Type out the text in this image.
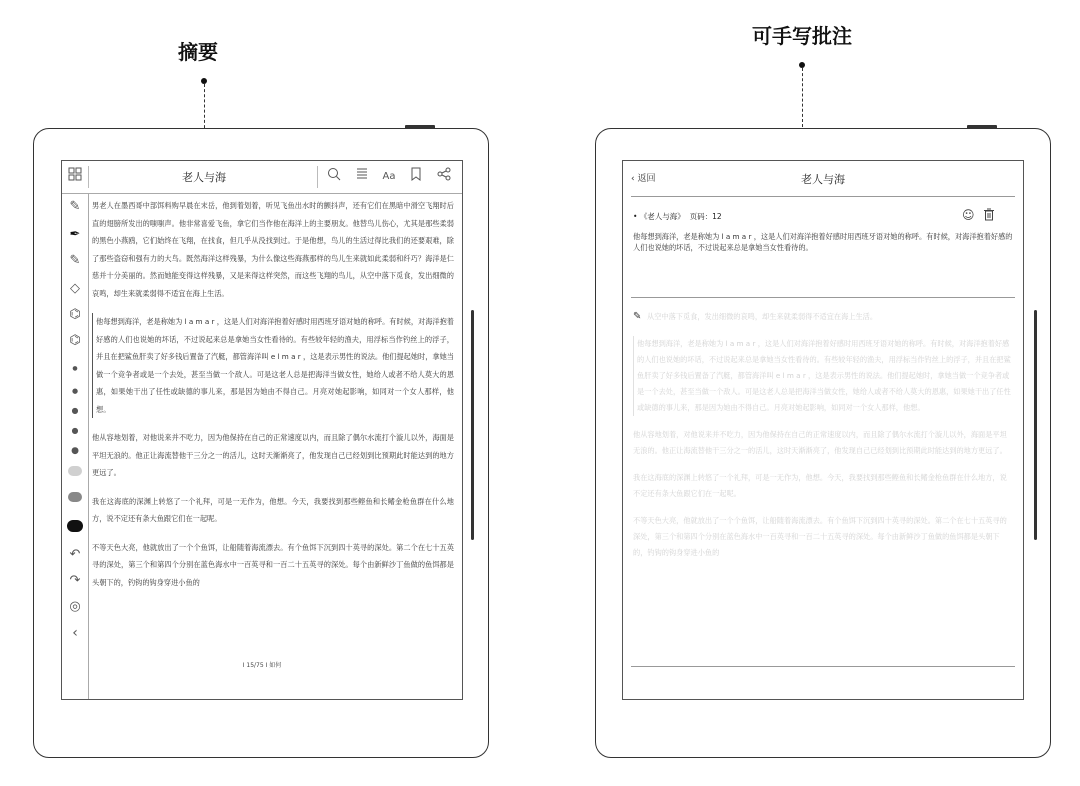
摘要
可手写批注
老人与海	Aa
✎
✒
✎
◇
⌬
⌬
●
●
●
●
●
↶
↷
◎
‹

男老人在墨西哥中部饵料购早晨在末岳，他到着划着，听见飞鱼出水时的颤抖声，还有它们在黑暗中滑空飞翔时后直的翅膀所发出的嗤嗤声。他非常喜爱飞鱼，拿它们当作他在海洋上的主要朋友。他替鸟儿伤心，尤其是那些柔弱的黑色小燕鸥，它们始终在飞翔，在找食，但几乎从没找到过。于是他想，鸟儿的生活过得比我们的还要艰难，除了那些盗窃和强有力的大鸟。既然海洋这样残暴，为什么像这些海燕那样的鸟儿生来就如此柔弱和纤巧？海洋是仁慈并十分美丽的。然而她能变得这样残暴，又是来得这样突然，而这些飞翔的鸟儿，从空中落下觅食，发出细微的哀鸣，却生来就柔弱得不适宜在海上生活。

他每想到海洋，老是称她为 l a m a r ，这是人们对海洋抱着好感时用西班牙语对她的称呼。有时候，对海洋抱着好感的人们也说她的坏话，不过说起来总是拿她当女性看待的。有些较年轻的渔夫，用浮标当作钓丝上的浮子，并且在把鲨鱼肝卖了好多钱后置备了汽艇，都管海洋叫 e l m a r ，这是表示男性的说法。他们提起她时，拿她当做一个竞争者或是一个去处，甚至当做一个敌人。可是这老人总是把海洋当做女性，她给人或者不给人莫大的恩惠，如果她干出了任性或缺德的事儿来，那是因为她由不得自己。月亮对她起影响，如同对一个女人那样，他想。

他从容地划着，对他说来并不吃力，因为他保持在自己的正常速度以内，而且除了偶尔水流打个漩儿以外，海面是平坦无浪的。他正让海流替他干三分之一的活儿，这时天渐渐亮了，他发现自己已经划到比预期此时能达到的地方更远了。

我在这海底的深渊上转悠了一个礼拜，可是一无作为，他想。今天，我要找到那些鲣鱼和长鳍金枪鱼群在什么地方，说不定还有条大鱼跟它们在一起呢。

不等天色大亮，他就放出了一个个鱼饵，让船随着海流漂去。有个鱼饵下沉到四十英寻的深处。第二个在七十五英寻的深处，第三个和第四个分别在蓝色海水中一百英寻和一百二十五英寻的深处。每个由新鲜沙丁鱼做的鱼饵都是头朝下的，钓钩的钩身穿进小鱼的

I 15/75 I 如何
‹ 返回	老人与海
• 《老人与海》 页码：12	☺
他每想到海洋，老是称她为 l a m a r ，这是人们对海洋抱着好感时用西班牙语对她的称呼。有时候，对海洋抱着好感的人们也说她的坏话，不过说起来总是拿她当女性看待的。
✎ 从空中落下觅食，发出细微的哀鸣，却生来就柔弱得不适宜在海上生活。

他每想到海洋，老是称她为 l a m a r ，这是人们对海洋抱着好感时用西班牙语对她的称呼。有时候，对海洋抱着好感的人们也说她的坏话，不过说起来总是拿她当女性看待的。有些较年轻的渔夫，用浮标当作钓丝上的浮子，并且在把鲨鱼肝卖了好多钱后置备了汽艇，都管海洋叫 e l m a r ，这是表示男性的说法。他们提起她时，拿她当做一个竞争者或是一个去处，甚至当做一个敌人。可是这老人总是把海洋当做女性，她给人或者不给人莫大的恩惠，如果她干出了任性或缺德的事儿来，那是因为她由不得自己。月亮对她起影响，如同对一个女人那样，他想。

他从容地划着，对他说来并不吃力，因为他保持在自己的正常速度以内，而且除了偶尔水流打个漩儿以外，海面是平坦无浪的。他正让海流替他干三分之一的活儿，这时天渐渐亮了，他发现自己已经划到比预期此时能达到的地方更远了。

我在这海底的深渊上转悠了一个礼拜，可是一无作为，他想。今天，我要找到那些鲣鱼和长鳍金枪鱼群在什么地方，说不定还有条大鱼跟它们在一起呢。

不等天色大亮，他就放出了一个个鱼饵，让船随着海流漂去。有个鱼饵下沉到四十英寻的深处。第二个在七十五英寻的深处，第三个和第四个分别在蓝色海水中一百英寻和一百二十五英寻的深处。每个由新鲜沙丁鱼做的鱼饵都是头朝下的，钓钩的钩身穿进小鱼的
